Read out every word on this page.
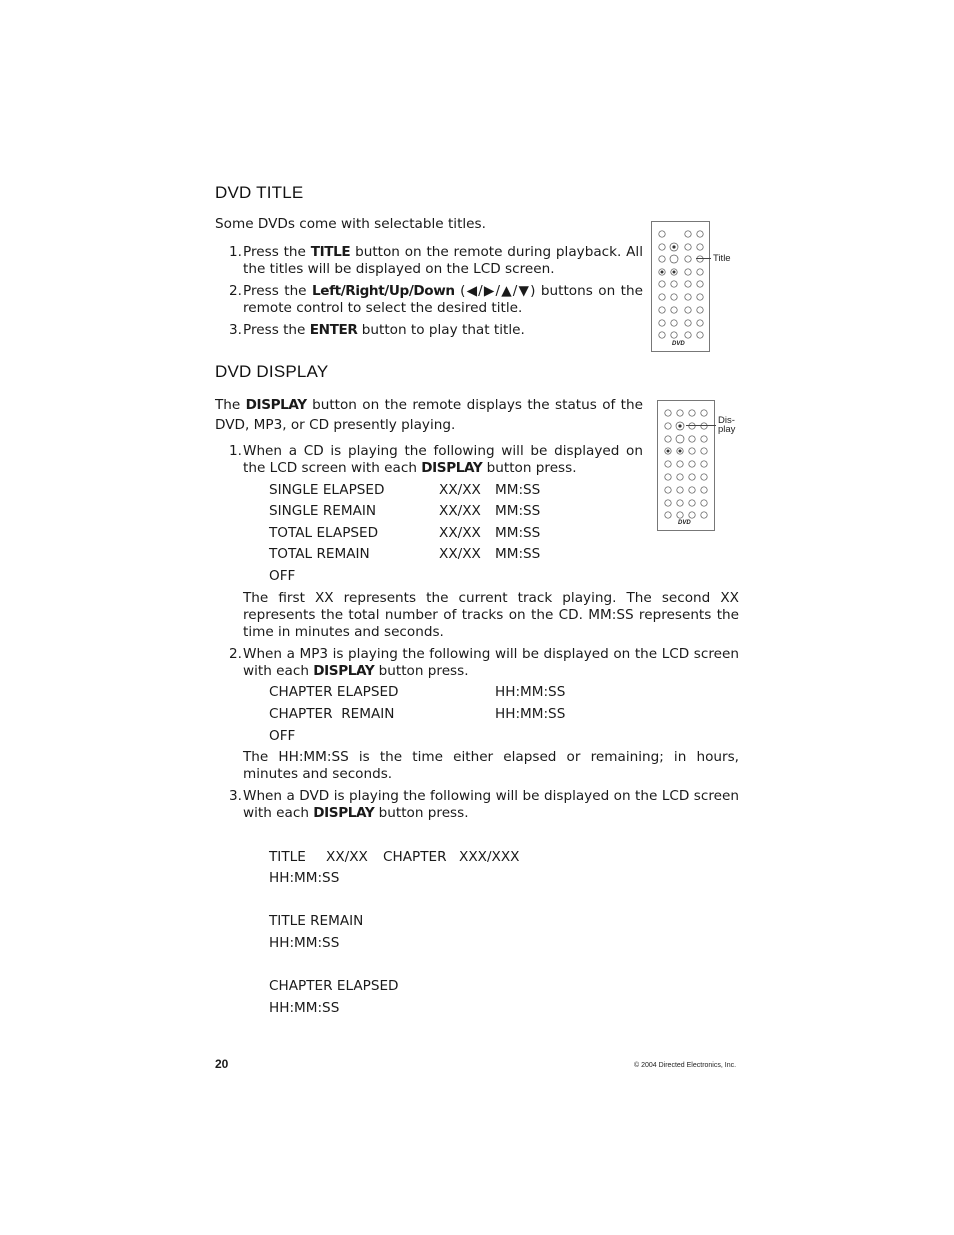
DVD TITLE
Some DVDs come with selectable titles.
1. Press the TITLE button on the remote during playback. All the titles will be displayed on the LCD screen.
2. Press the Left/Right/Up/Down (◀/▶/▲/▼) buttons on the remote control to select the desired title.
3. Press the ENTER button to play that title.
DVD
Title
DVD DISPLAY
The DISPLAY button on the remote displays the status of the DVD, MP3, or CD presently playing.
DVD
Dis-
play
1. When a CD is playing the following will be displayed on the LCD screen with each DISPLAY button press.
SINGLE ELAPSED	XX/XX MM:SS
SINGLE REMAIN	XX/XX MM:SS
TOTAL ELAPSED	XX/XX MM:SS
TOTAL REMAIN	XX/XX MM:SS
OFF
The first XX represents the current track playing. The second XX represents the total number of tracks on the CD. MM:SS represents the time in minutes and seconds.
2. When a MP3 is playing the following will be displayed on the LCD screen with each DISPLAY button press.
CHAPTER ELAPSED	HH:MM:SS
CHAPTER  REMAIN	HH:MM:SS
OFF
The HH:MM:SS is the time either elapsed or remaining; in hours, minutes and seconds.
3. When a DVD is playing the following will be displayed on the LCD screen with each DISPLAY button press.
TITLE XX/XX CHAPTER XXX/XXX
HH:MM:SS
TITLE REMAIN
HH:MM:SS
CHAPTER ELAPSED
HH:MM:SS
20	© 2004 Directed Electronics, Inc.
